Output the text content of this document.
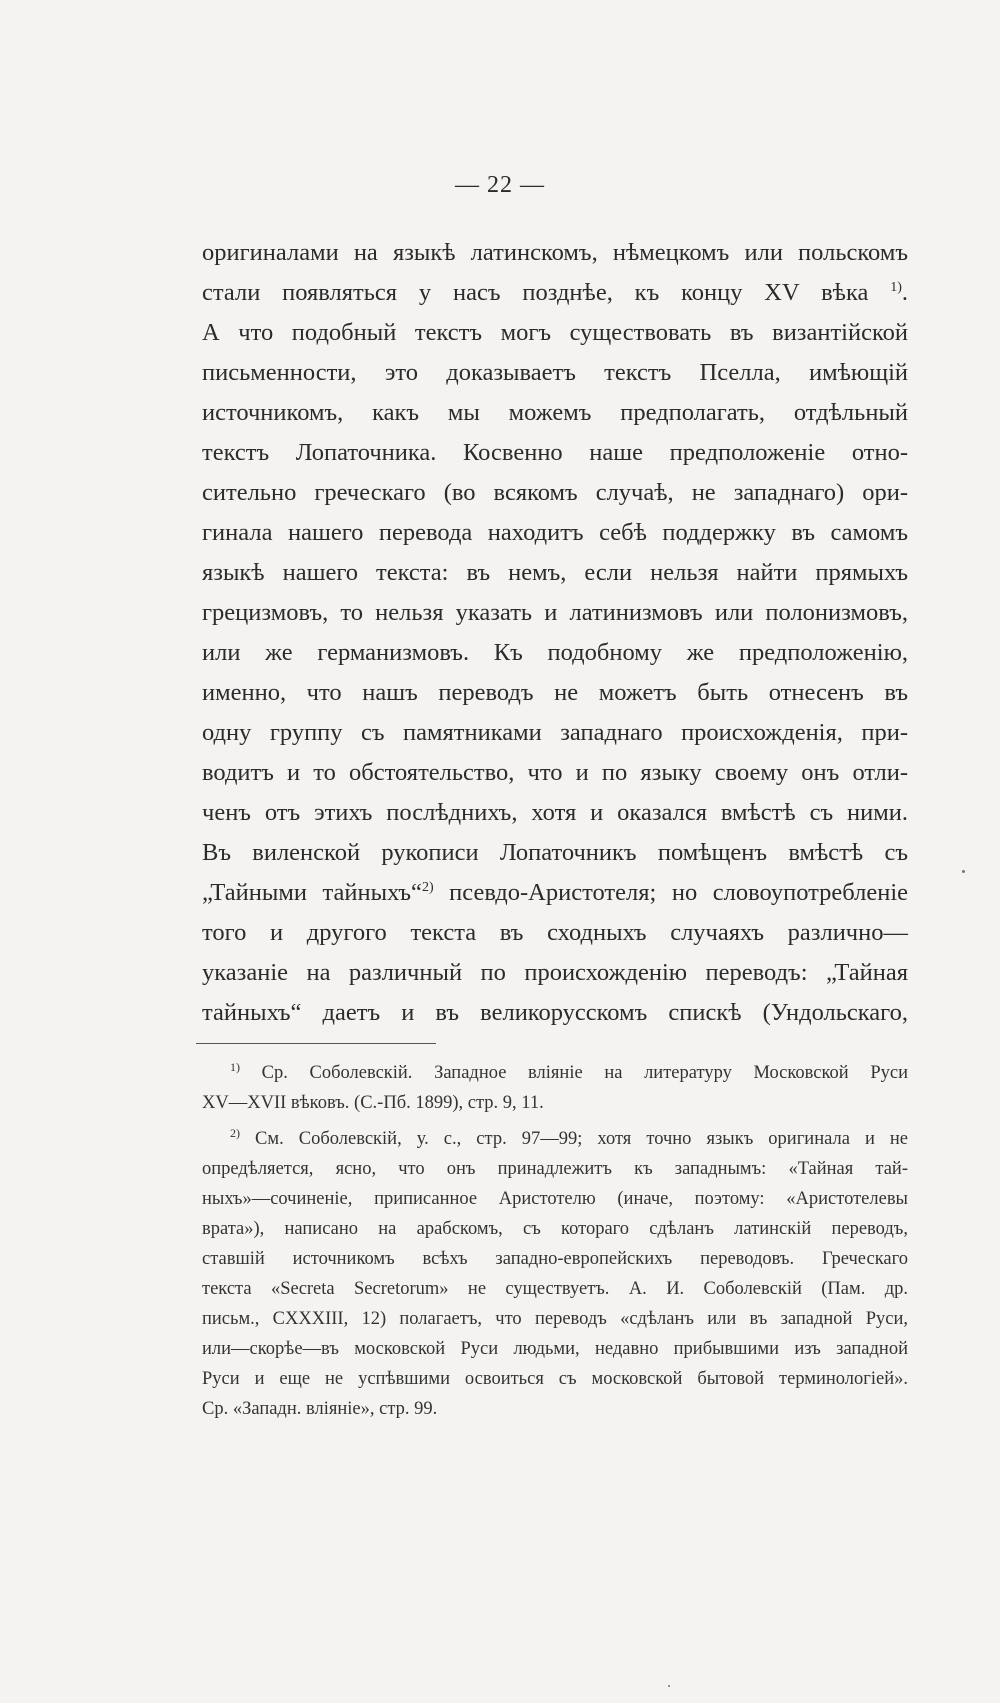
— 22 —
оригиналами на языкѣ латинскомъ, нѣмецкомъ или польскомъ
стали появляться у насъ позднѣе, къ концу XV вѣка $^{1)}$.
А что подобный текстъ могъ существовать въ византійской
письменности, это доказываетъ текстъ Пселла, имѣющій
источникомъ, какъ мы можемъ предполагать, отдѣльный
текстъ Лопаточника. Косвенно наше предположеніе отно-
сительно греческаго (во всякомъ случаѣ, не западнаго) ори-
гинала нашего перевода находитъ себѣ поддержку въ самомъ
языкѣ нашего текста: въ немъ, если нельзя найти прямыхъ
грецизмовъ, то нельзя указать и латинизмовъ или полонизмовъ,
или же германизмовъ. Къ подобному же предположенію,
именно, что нашъ переводъ не можетъ быть отнесенъ въ
одну группу съ памятниками западнаго происхожденія, при-
водитъ и то обстоятельство, что и по языку своему онъ отли-
ченъ отъ этихъ послѣднихъ, хотя и оказался вмѣстѣ съ ними.
Въ виленской рукописи Лопаточникъ помѣщенъ вмѣстѣ съ
„Тайными тайныхъ“$^{2)}$ псевдо-Аристотеля; но словоупотребленіе
того и другого текста въ сходныхъ случаяхъ различно—
указаніе на различный по происхожденію переводъ: „Тайная
тайныхъ“ даетъ и въ великорусскомъ спискѣ (Ундольскаго,
$^{1)}$ Ср. Соболевскій. Западное вліяніе на литературу Московской Руси
XV—XVII вѣковъ. (С.-Пб. 1899), стр. 9, 11.
$^{2)}$ См. Соболевскій, у. с., стр. 97—99; хотя точно языкъ оригинала и не
опредѣляется, ясно, что онъ принадлежитъ къ западнымъ: «Тайная тай-
ныхъ»—сочиненіе, приписанное Аристотелю (иначе, поэтому: «Аристотелевы
врата»), написано на арабскомъ, съ котораго сдѣланъ латинскій переводъ,
ставшій источникомъ всѣхъ западно-европейскихъ переводовъ. Греческаго
текста «Secreta Secretorum» не существуетъ. А. И. Соболевскій (Пам. др.
письм., CXXXIII, 12) полагаетъ, что переводъ «сдѣланъ или въ западной Руси,
или—скорѣе—въ московской Руси людьми, недавно прибывшими изъ западной
Руси и еще не успѣвшими освоиться съ московской бытовой терминологіей».
Ср. «Западн. вліяніе», стр. 99.
